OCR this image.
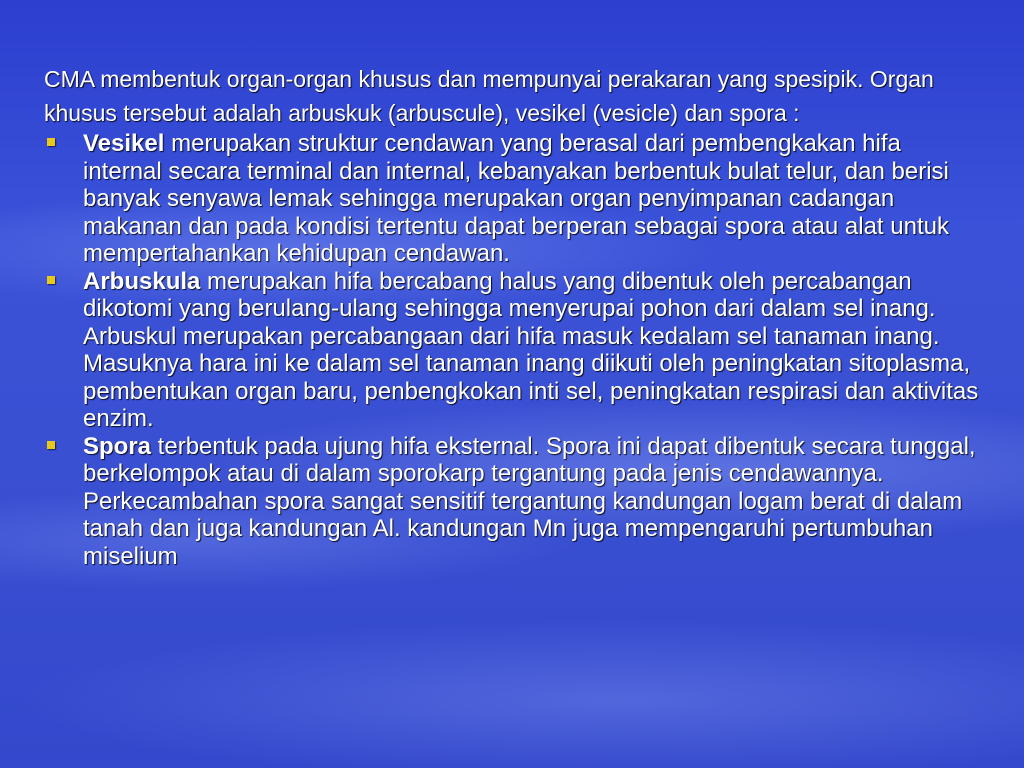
CMA membentuk organ-organ khusus dan mempunyai perakaran yang spesipik. Organ khusus tersebut adalah arbuskuk (arbuscule), vesikel (vesicle) dan spora :

Vesikel merupakan struktur cendawan yang berasal dari pembengkakan hifa internal secara terminal dan internal, kebanyakan berbentuk bulat telur, dan berisi banyak senyawa lemak sehingga merupakan organ penyimpanan cadangan makanan dan pada kondisi tertentu dapat berperan sebagai spora atau alat untuk mempertahankan kehidupan cendawan.
Arbuskula merupakan hifa bercabang halus yang dibentuk oleh percabangan dikotomi yang berulang-ulang sehingga menyerupai pohon dari dalam sel inang. Arbuskul merupakan percabangaan dari hifa masuk kedalam sel tanaman inang. Masuknya hara ini ke dalam sel tanaman inang diikuti oleh peningkatan sitoplasma, pembentukan organ baru, penbengkokan inti sel, peningkatan respirasi dan aktivitas enzim.
Spora terbentuk pada ujung hifa eksternal. Spora ini dapat dibentuk secara tunggal, berkelompok atau di dalam sporokarp tergantung pada jenis cendawannya. Perkecambahan spora sangat sensitif tergantung kandungan logam berat di dalam tanah dan juga kandungan Al. kandungan Mn juga mempengaruhi pertumbuhan miselium
